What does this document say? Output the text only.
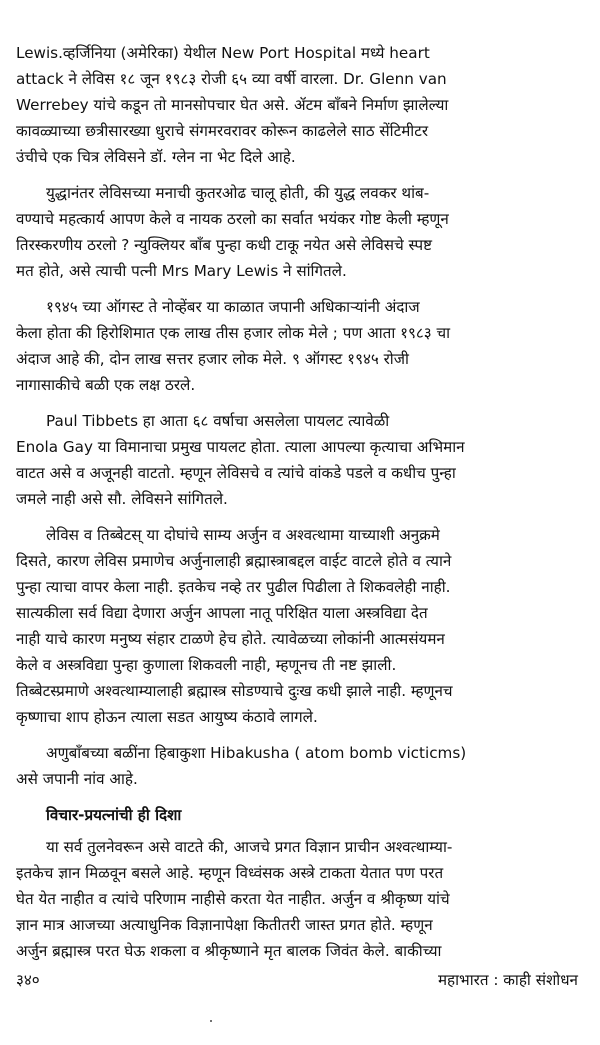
Lewis.व्हर्जिनिया (अमेरिका) येथील New Port Hospital मध्ये heart
attack ने लेविस १८ जून १९८३ रोजी ६५ व्या वर्षी वारला. Dr. Glenn van
Werrebey यांचे कडून तो मानसोपचार घेत असे. ॲटम बॉंबने निर्माण झालेल्या
कावळ्याच्या छत्रीसारख्या धुराचे संगमरवरावर कोरून काढलेले साठ सेंटिमीटर
उंचीचे एक चित्र लेविसने डॉ. ग्लेन ना भेट दिले आहे.

युद्धानंतर लेविसच्या मनाची कुतरओढ चालू होती, की युद्ध लवकर थांब-
वण्याचे महत्कार्य आपण केले व नायक ठरलो का सर्वात भयंकर गोष्ट केली म्हणून
तिरस्करणीय ठरलो ? न्युक्लियर बॉंब पुन्हा कधी टाकू नयेत असे लेविसचे स्पष्ट
मत होते, असे त्याची पत्नी Mrs Mary Lewis ने सांगितले.

१९४५ च्या ऑगस्ट ते नोव्हेंबर या काळात जपानी अधिकाऱ्यांनी अंदाज
केला होता की हिरोशिमात एक लाख तीस हजार लोक मेले ; पण आता १९८३ चा
अंदाज आहे की, दोन लाख सत्तर हजार लोक मेले. ९ ऑगस्ट १९४५ रोजी
नागासाकीचे बळी एक लक्ष ठरले.

Paul Tibbets हा आता ६८ वर्षाचा असलेला पायलट त्यावेळी
Enola Gay या विमानाचा प्रमुख पायलट होता. त्याला आपल्या कृत्याचा अभिमान
वाटत असे व अजूनही वाटतो. म्हणून लेविसचे व त्यांचे वांकडे पडले व कधीच पुन्हा
जमले नाही असे सौ. लेविसने सांगितले.

लेविस व तिब्बेटस् या दोघांचे साम्य अर्जुन व अश्वत्थामा याच्याशी अनुक्रमे
दिसते, कारण लेविस प्रमाणेच अर्जुनालाही ब्रह्मास्त्राबद्दल वाईट वाटले होते व त्याने
पुन्हा त्याचा वापर केला नाही. इतकेच नव्हे तर पुढील पिढीला ते शिकवलेही नाही.
सात्यकीला सर्व विद्या देणारा अर्जुन आपला नातू परिक्षित याला अस्त्रविद्या देत
नाही याचे कारण मनुष्य संहार टाळणे हेच होते. त्यावेळच्या लोकांनी आत्मसंयमन
केले व अस्त्रविद्या पुन्हा कुणाला शिकवली नाही, म्हणूनच ती नष्ट झाली.
तिब्बेटस्प्रमाणे अश्वत्थाम्यालाही ब्रह्मास्त्र सोडण्याचे दुःख कधी झाले नाही. म्हणूनच
कृष्णाचा शाप होऊन त्याला सडत आयुष्य कंठावे लागले.

अणुबॉंबच्या बळींना हिबाकुशा Hibakusha ( atom bomb victicms)
असे जपानी नांव आहे.

विचार-प्रयत्नांची ही दिशा

या सर्व तुलनेवरून असे वाटते की, आजचे प्रगत विज्ञान प्राचीन अश्वत्थाम्या-
इतकेच ज्ञान मिळवून बसले आहे. म्हणून विध्वंसक अस्त्रे टाकता येतात पण परत
घेत येत नाहीत व त्यांचे परिणाम नाहीसे करता येत नाहीत. अर्जुन व श्रीकृष्ण यांचे
ज्ञान मात्र आजच्या अत्याधुनिक विज्ञानापेक्षा कितीतरी जास्त प्रगत होते. म्हणून
अर्जुन ब्रह्मास्त्र परत घेऊ शकला व श्रीकृष्णाने मृत बालक जिवंत केले. बाकीच्या

३४०	महाभारत : काही संशोधन
